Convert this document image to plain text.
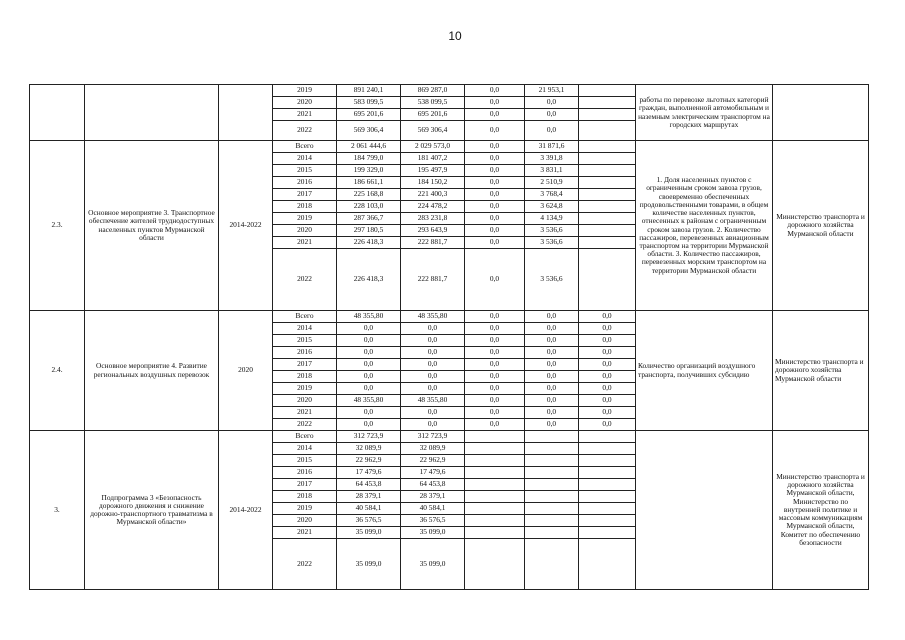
10
			2019	891 240,1	869 287,0	0,0	21 953,1		работы по перевозке льготных категорий граждан, выполненной автомобильным и наземным электрическим транспортом на городских маршрутах	
			2020	583 099,5	538 099,5	0,0	0,0			
			2021	695 201,6	695 201,6	0,0	0,0			
			2022	569 306,4	569 306,4	0,0	0,0			
2.3.	Основное мероприятие 3. Транспортное обеспечение жителей труднодоступных населенных пунктов Мурманской области	2014-2022	Всего	2 061 444,6	2 029 573,0	0,0	31 871,6		1. Доля населенных пунктов с ограниченным сроком завоза грузов, своевременно обеспеченных продовольственными товарами, в общем количестве населенных пунктов, отнесенных к районам с ограниченным сроком завоза грузов. 2. Количество пассажиров, перевезенных авиационным транспортом на территории Мурманской области. 3. Количество пассажиров, перевезенных морским транспортом на территории Мурманской области	Министерство транспорта и дорожного хозяйства Мурманской области
			2014	184 799,0	181 407,2	0,0	3 391,8			
			2015	199 329,0	195 497,9	0,0	3 831,1			
			2016	186 661,1	184 150,2	0,0	2 510,9			
			2017	225 168,8	221 400,3	0,0	3 768,4			
			2018	228 103,0	224 478,2	0,0	3 624,8			
			2019	287 366,7	283 231,8	0,0	4 134,9			
			2020	297 180,5	293 643,9	0,0	3 536,6			
			2021	226 418,3	222 881,7	0,0	3 536,6			
			2022	226 418,3	222 881,7	0,0	3 536,6			
2.4.	Основное мероприятие 4. Развитие региональных воздушных перевозок	2020	Всего	48 355,80	48 355,80	0,0	0,0	0,0	Количество организаций воздушного транспорта, получивших субсидию	Министерство транспорта и дорожного хозяйства Мурманской области
			2014	0,0	0,0	0,0	0,0	0,0		
			2015	0,0	0,0	0,0	0,0	0,0		
			2016	0,0	0,0	0,0	0,0	0,0		
			2017	0,0	0,0	0,0	0,0	0,0		
			2018	0,0	0,0	0,0	0,0	0,0		
			2019	0,0	0,0	0,0	0,0	0,0		
			2020	48 355,80	48 355,80	0,0	0,0	0,0		
			2021	0,0	0,0	0,0	0,0	0,0		
			2022	0,0	0,0	0,0	0,0	0,0		
3.	Подпрограмма 3 «Безопасность дорожного движения и снижение дорожно-транспортного травматизма в Мурманской области»	2014-2022	Всего	312 723,9	312 723,9					Министерство транспорта и дорожного хозяйства Мурманской области, Министерство по внутренней политике и массовым коммуникациям Мурманской области, Комитет по обеспечению безопасности
			2014	32 089,9	32 089,9					
			2015	22 962,9	22 962,9					
			2016	17 479,6	17 479,6					
			2017	64 453,8	64 453,8					
			2018	28 379,1	28 379,1					
			2019	40 584,1	40 584,1					
			2020	36 576,5	36 576,5					
			2021	35 099,0	35 099,0					
			2022	35 099,0	35 099,0					
